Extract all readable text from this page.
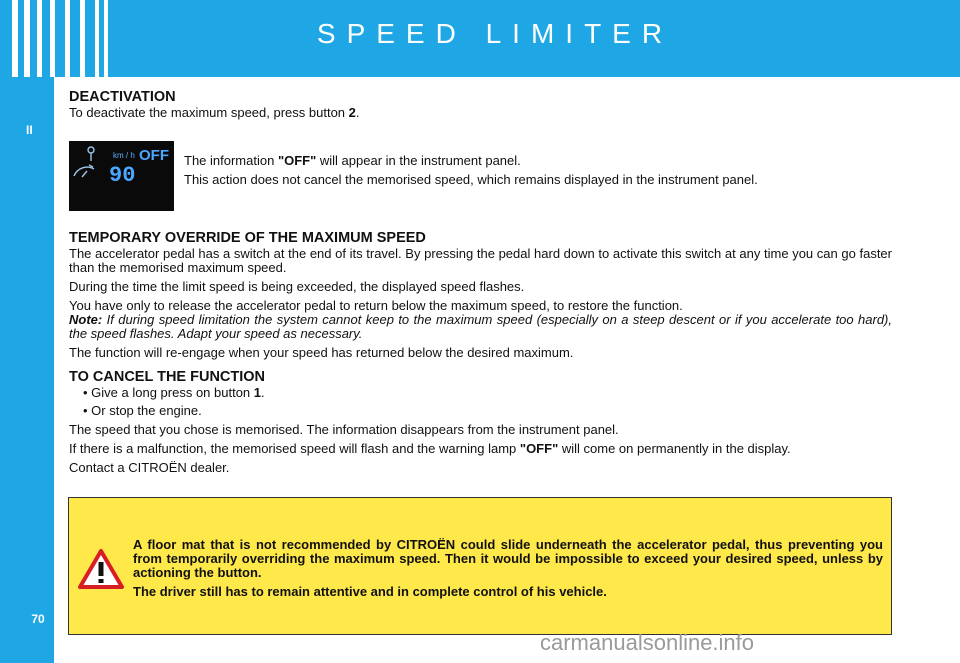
SPEED LIMITER
II
70
DEACTIVATION

To deactivate the maximum speed, press button 2.

km / h OFF
90

The information "OFF" will appear in the instrument panel.

This action does not cancel the memorised speed, which remains displayed in the instrument panel.

TEMPORARY OVERRIDE OF THE MAXIMUM SPEED

The accelerator pedal has a switch at the end of its travel. By pressing the pedal hard down to activate this switch at any time you can go faster than the memorised maximum speed.

During the time the limit speed is being exceeded, the displayed speed flashes.

You have only to release the accelerator pedal to return below the maximum speed, to restore the function.

Note: If during speed limitation the system cannot keep to the maximum speed (especially on a steep descent or if you accelerate too hard), the speed flashes. Adapt your speed as necessary.

The function will re-engage when your speed has returned below the desired maximum.

TO CANCEL THE FUNCTION

• Give a long press on button 1.

• Or stop the engine.

The speed that you chose is memorised. The information disappears from the instrument panel.

If there is a malfunction, the memorised speed will flash and the warning lamp "OFF" will come on permanently in the display.

Contact a CITROËN dealer.

A floor mat that is not recommended by CITROËN could slide underneath the accelerator pedal, thus preventing you from temporarily overriding the maximum speed. Then it would be impossible to exceed your desired speed, unless by actioning the button.

The driver still has to remain attentive and in complete control of his vehicle.

carmanualsonline.info
